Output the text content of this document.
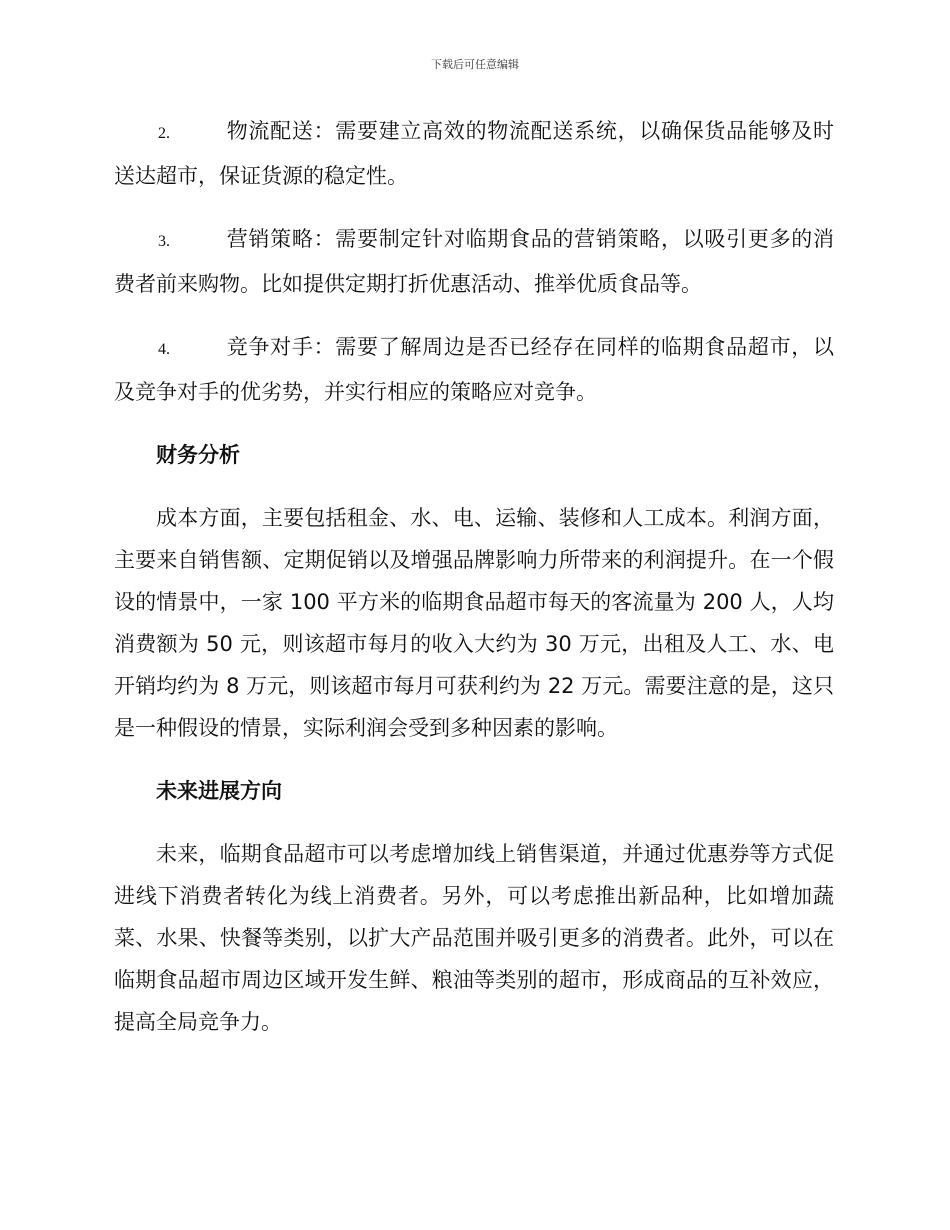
下载后可任意编辑
2.	物流配送：需要建立高效的物流配送系统，以确保货品能够及时送达超市，保证货源的稳定性。
3.	营销策略：需要制定针对临期食品的营销策略，以吸引更多的消费者前来购物。比如提供定期打折优惠活动、推举优质食品等。
4.	竞争对手：需要了解周边是否已经存在同样的临期食品超市，以及竞争对手的优劣势，并实行相应的策略应对竞争。
财务分析

成本方面，主要包括租金、水、电、运输、装修和人工成本。利润方面，主要来自销售额、定期促销以及增强品牌影响力所带来的利润提升。在一个假设的情景中，一家 100 平方米的临期食品超市每天的客流量为 200 人，人均消费额为 50 元，则该超市每月的收入大约为 30 万元，出租及人工、水、电开销均约为 8 万元，则该超市每月可获利约为 22 万元。需要注意的是，这只是一种假设的情景，实际利润会受到多种因素的影响。

未来进展方向

未来，临期食品超市可以考虑增加线上销售渠道，并通过优惠券等方式促进线下消费者转化为线上消费者。另外，可以考虑推出新品种，比如增加蔬菜、水果、快餐等类别，以扩大产品范围并吸引更多的消费者。此外，可以在临期食品超市周边区域开发生鲜、粮油等类别的超市，形成商品的互补效应，提高全局竞争力。
